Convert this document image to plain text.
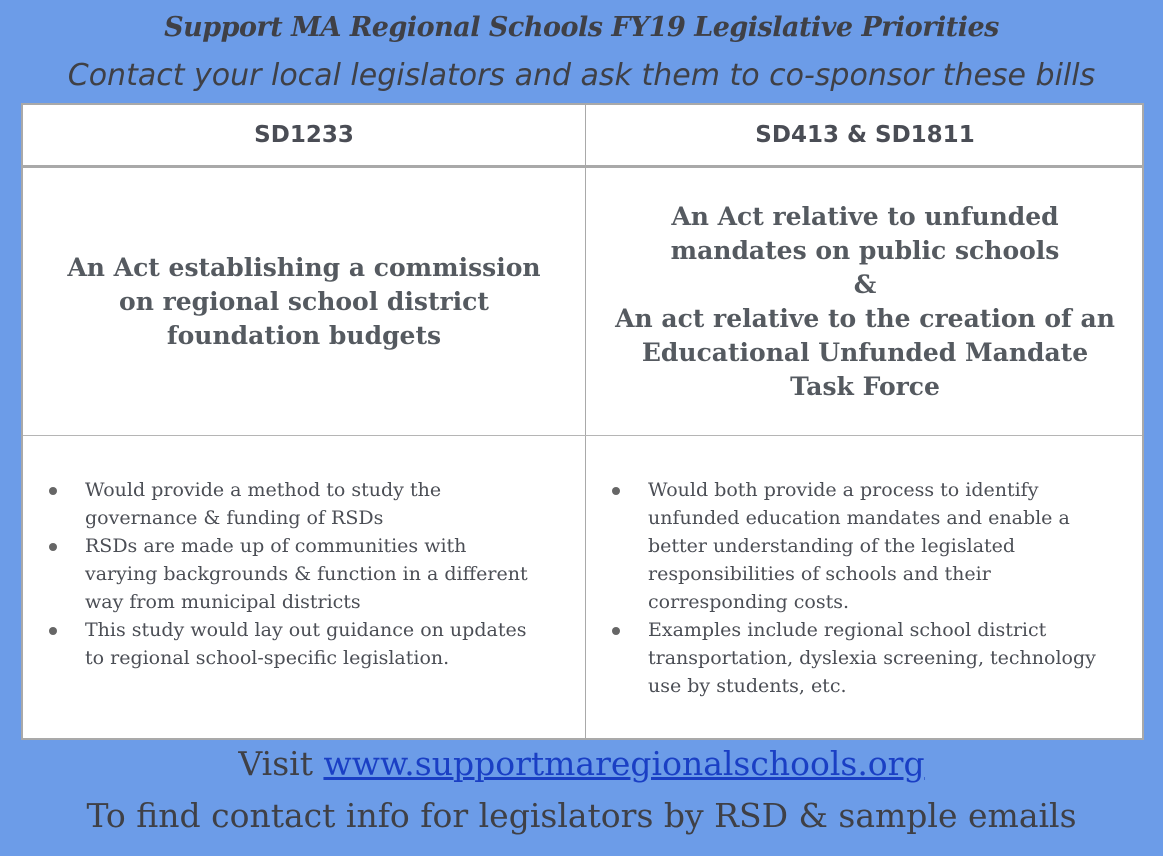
Support MA Regional Schools FY19 Legislative Priorities
Contact your local legislators and ask them to co-sponsor these bills
SD1233	SD413 & SD1811
An Act establishing a commission
on regional school district
foundation budgets
An Act relative to unfunded
mandates on public schools
&
An act relative to the creation of an
Educational Unfunded Mandate
Task Force
Would provide a method to study the governance & funding of RSDs
RSDs are made up of communities with varying backgrounds & function in a different way from municipal districts
This study would lay out guidance on updates to regional school-specific legislation.
Would both provide a process to identify unfunded education mandates and enable a better understanding of the legislated responsibilities of schools and their corresponding costs.
Examples include regional school district transportation, dyslexia screening, technology use by students, etc.
Visit www.supportmaregionalschools.org
To find contact info for legislators by RSD & sample emails
